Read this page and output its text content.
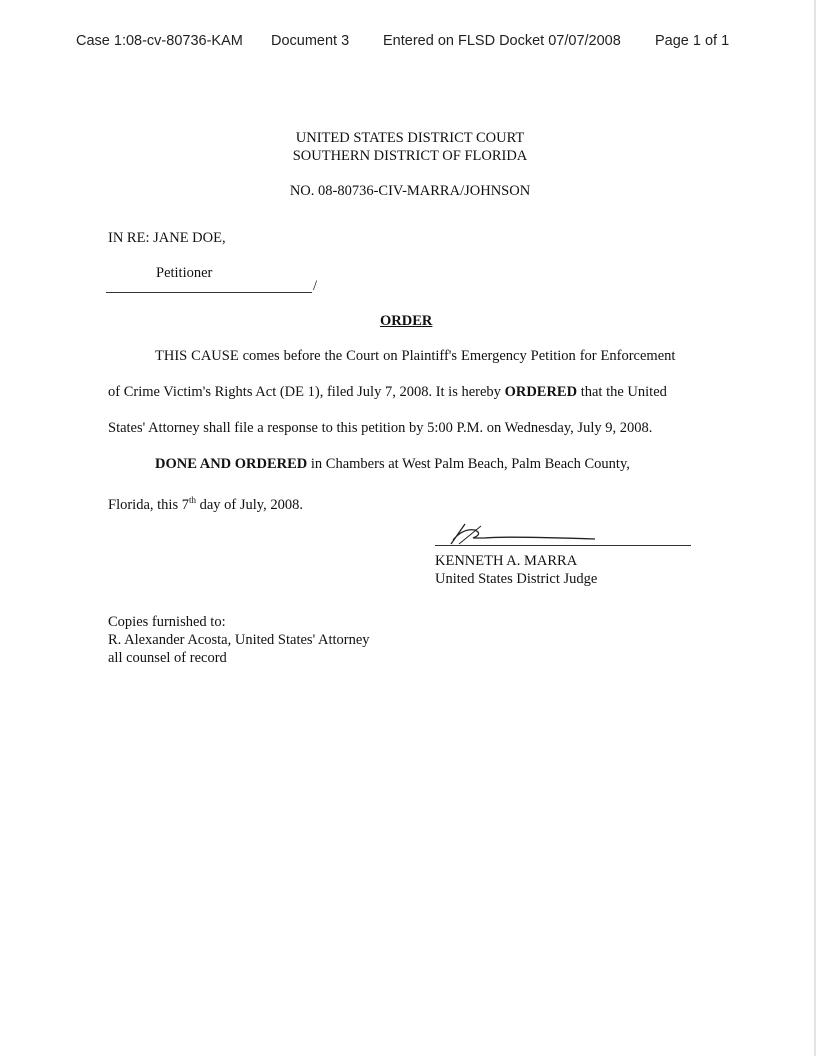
Case 1:08-cv-80736-KAM Document 3 Entered on FLSD Docket 07/07/2008 Page 1 of 1
UNITED STATES DISTRICT COURT
SOUTHERN DISTRICT OF FLORIDA
NO. 08-80736-CIV-MARRA/JOHNSON
IN RE: JANE DOE,
Petitioner
/
ORDER
THIS CAUSE comes before the Court on Plaintiff's Emergency Petition for Enforcement
of Crime Victim's Rights Act (DE 1), filed July 7, 2008. It is hereby ORDERED that the United
States' Attorney shall file a response to this petition by 5:00 P.M. on Wednesday, July 9, 2008.
DONE AND ORDERED in Chambers at West Palm Beach, Palm Beach County,
Florida, this 7th day of July, 2008.
KENNETH A. MARRA
United States District Judge
Copies furnished to:
R. Alexander Acosta, United States' Attorney
all counsel of record
